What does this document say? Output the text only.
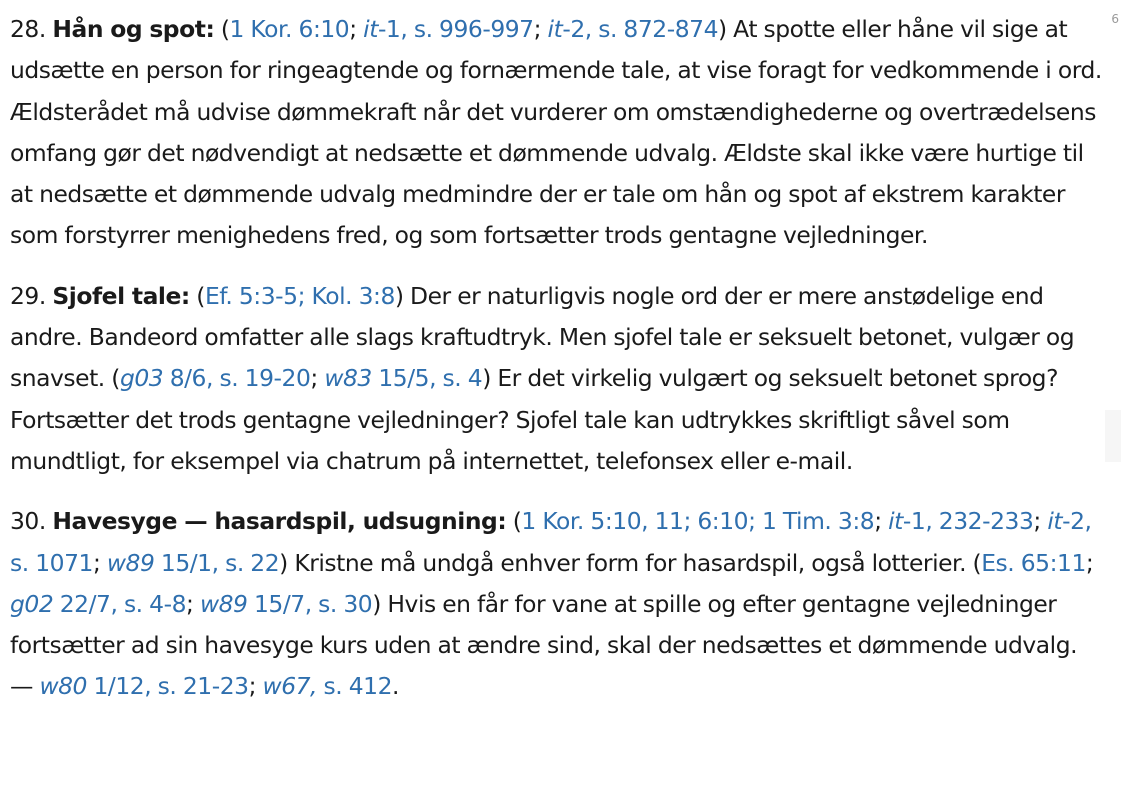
6

28. Hån og spot: (1 Kor. 6:10; it-1, s. 996-997; it-2, s. 872-874) At spotte eller håne vil sige at udsætte en person for ringeagtende og fornærmende tale, at vise foragt for vedkommende i ord. Ældsterådet må udvise dømmekraft når det vurderer om omstændighederne og overtrædelsens omfang gør det nødvendigt at nedsætte et dømmende udvalg. Ældste skal ikke være hurtige til at nedsætte et dømmende udvalg medmindre der er tale om hån og spot af ekstrem karakter som forstyrrer menighedens fred, og som fortsætter trods gentagne vejledninger.

29. Sjofel tale: (Ef. 5:3-5; Kol. 3:8) Der er naturligvis nogle ord der er mere anstødelige end andre. Bandeord omfatter alle slags kraftudtryk. Men sjofel tale er seksuelt betonet, vulgær og snavset. (g03 8/6, s. 19-20; w83 15/5, s. 4) Er det virkelig vulgært og seksuelt betonet sprog? Fortsætter det trods gentagne vejledninger? Sjofel tale kan udtrykkes skriftligt såvel som mundtligt, for eksempel via chatrum på internettet, telefonsex eller e-mail.

30. Havesyge — hasardspil, udsugning: (1 Kor. 5:10, 11; 6:10; 1 Tim. 3:8; it-1, 232-233; it-2, s. 1071; w89 15/1, s. 22) Kristne må undgå enhver form for hasardspil, også lotterier. (Es. 65:11; g02 22/7, s. 4-8; w89 15/7, s. 30) Hvis en får for vane at spille og efter gentagne vejledninger fortsætter ad sin havesyge kurs uden at ændre sind, skal der nedsættes et dømmende udvalg. — w80 1/12, s. 21-23; w67, s. 412.
